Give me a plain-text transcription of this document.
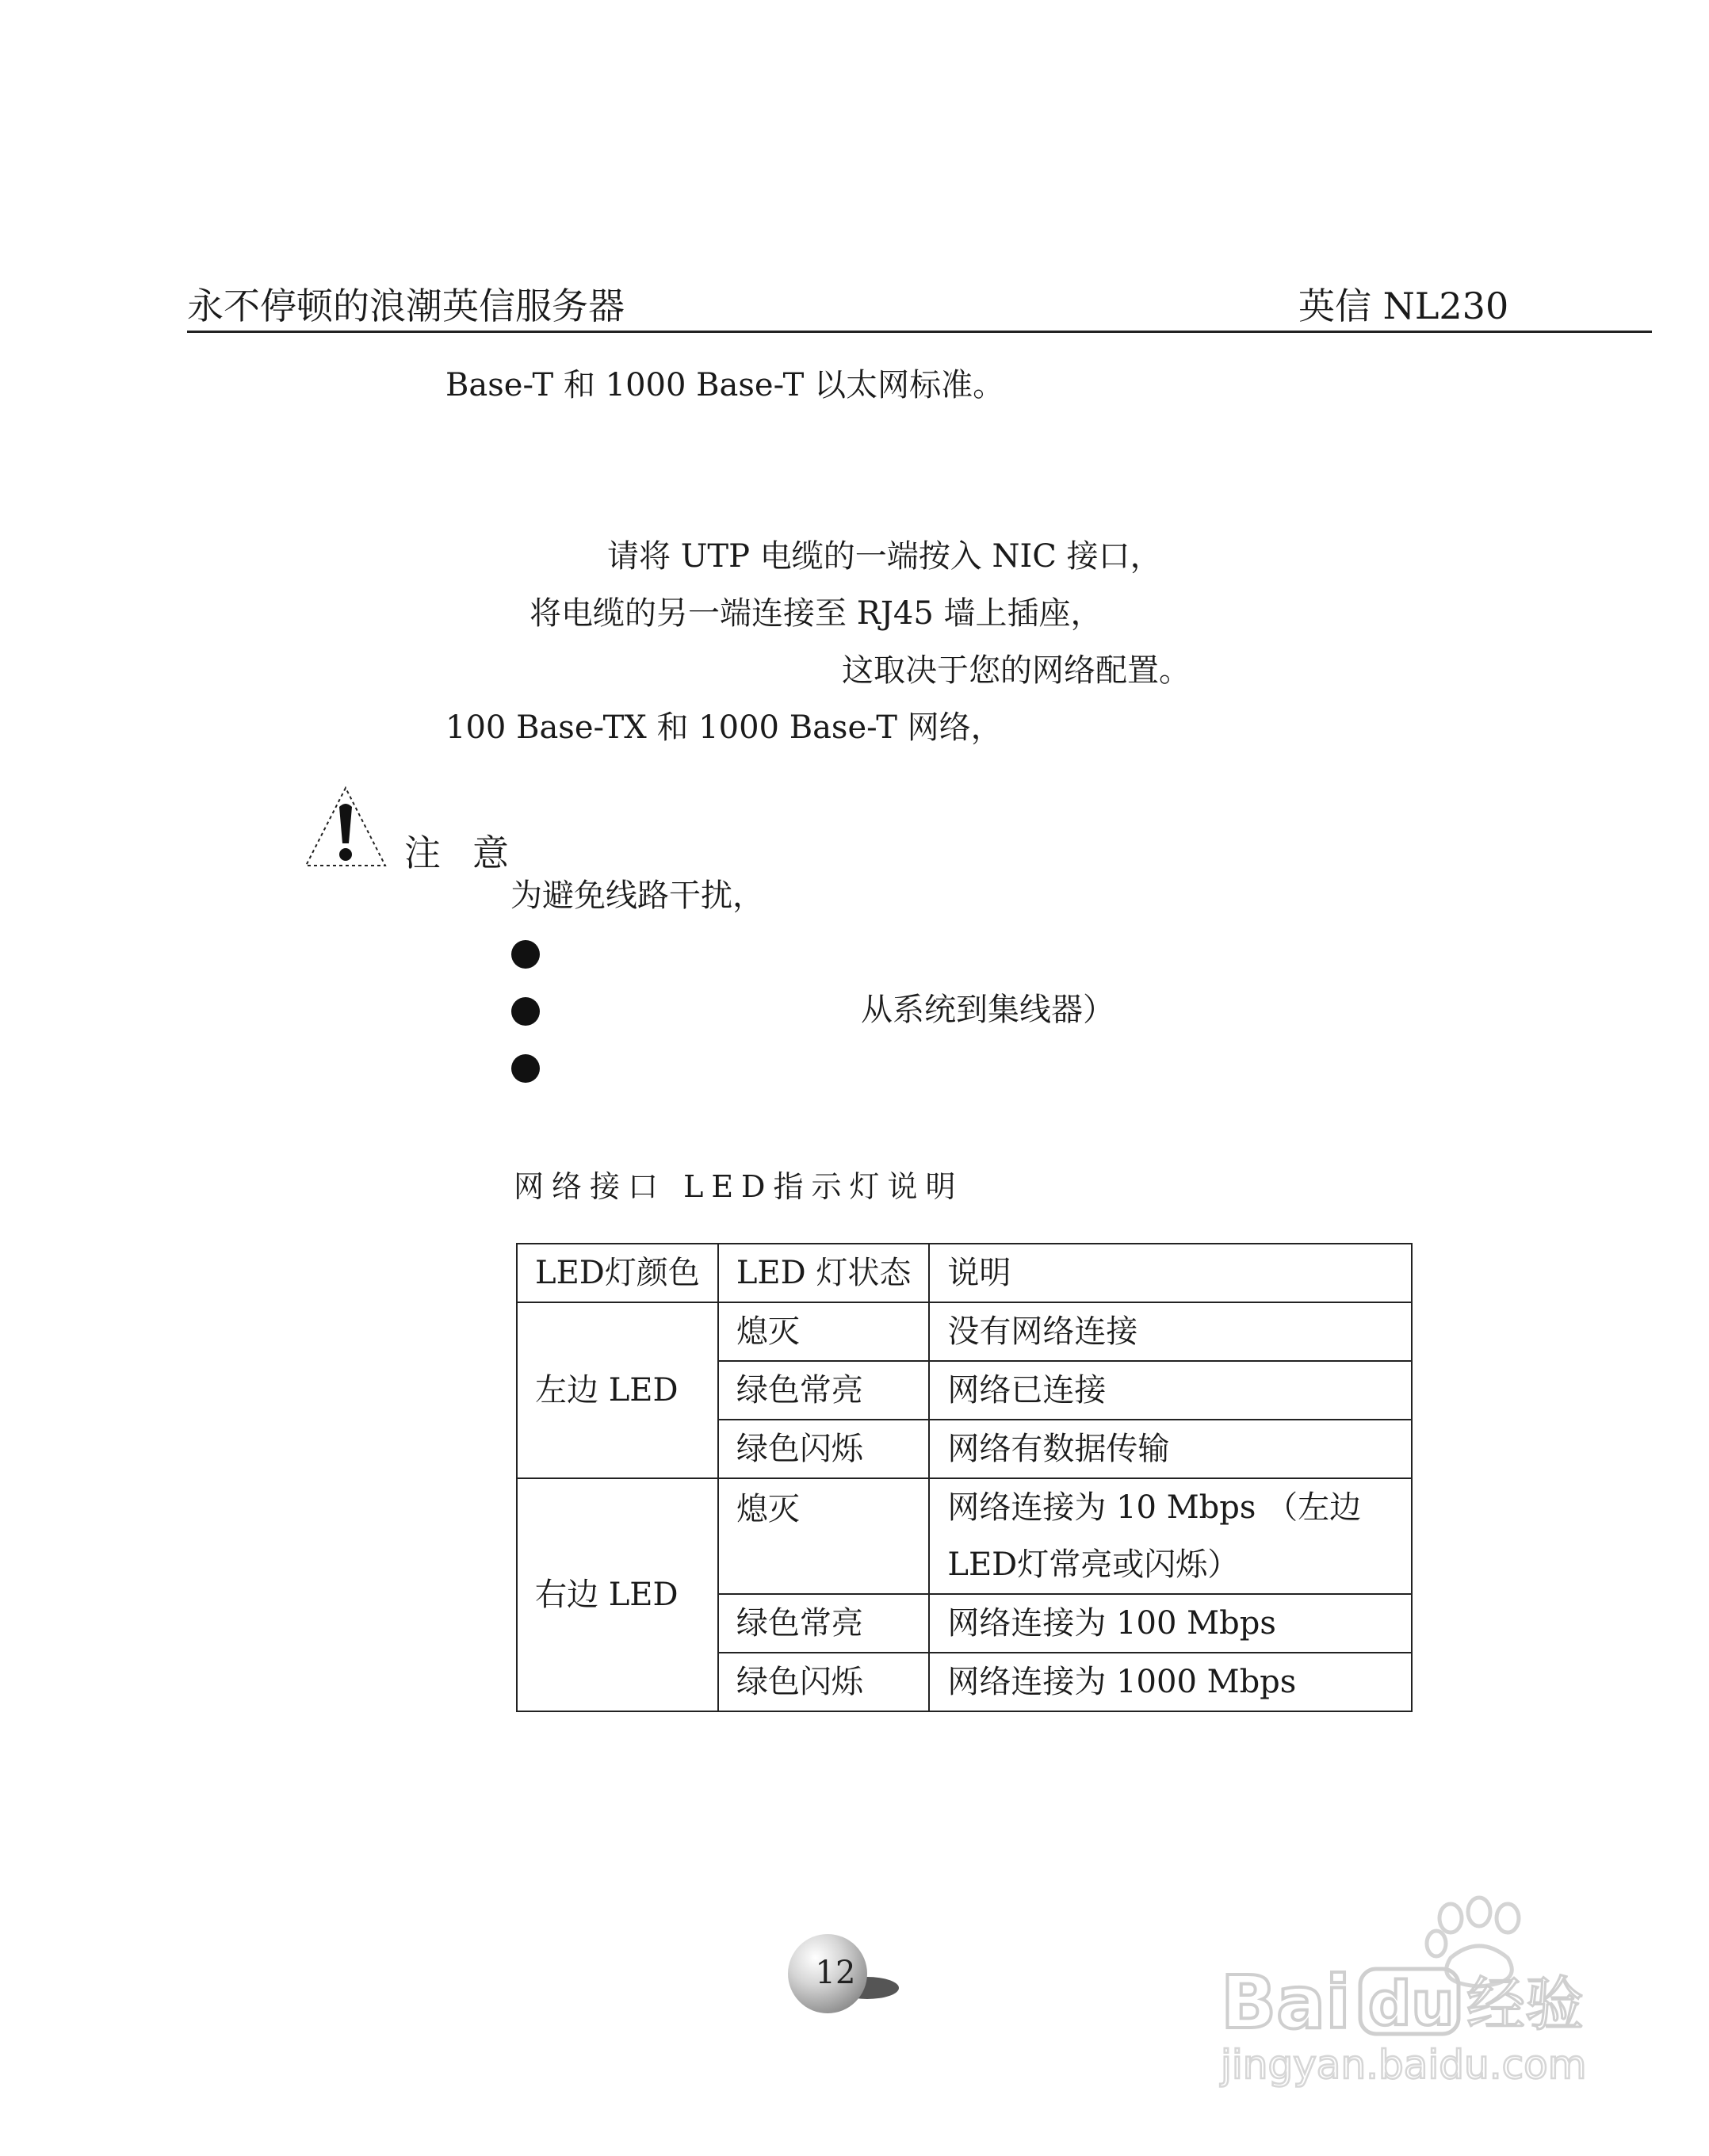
永不停顿的浪潮英信服务器	英信 NL230
Base-T 和 1000 Base-T 以太网标准。
请将 UTP 电缆的一端按入 NIC 接口，
将电缆的另一端连接至 RJ45 墙上插座，
这取决于您的网络配置。
100 Base-TX 和 1000 Base-T 网络，
注意
为避免线路干扰，
从系统到集线器）
网络接口 LED指示灯说明
LED灯颜色	LED 灯状态	说明
左边 LED	熄灭	没有网络连接
	绿色常亮	网络已连接
	绿色闪烁	网络有数据传输
右边 LED	熄灭	网络连接为 10 Mbps （左边 LED灯常亮或闪烁）
	绿色常亮	网络连接为 100 Mbps
	绿色闪烁	网络连接为 1000 Mbps
12	Bai du 经验
jingyan.baidu.com
